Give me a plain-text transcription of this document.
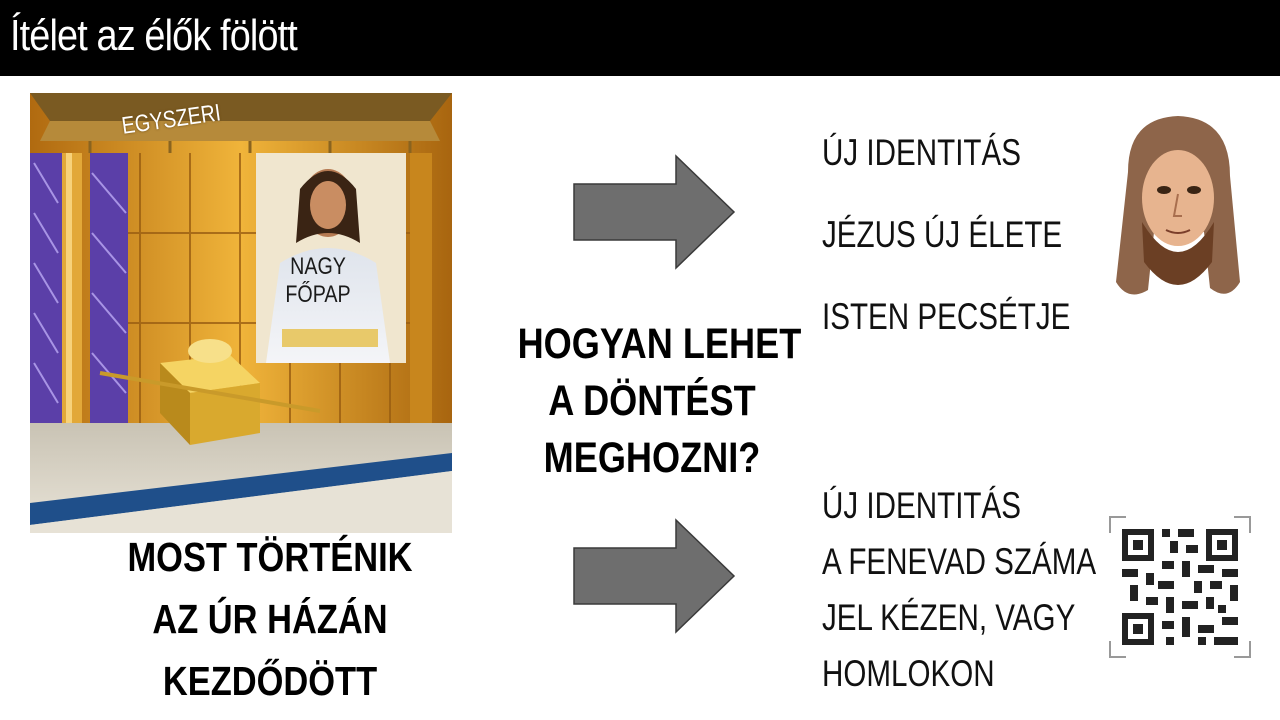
Ítélet az élők fölött
EGYSZERI
NAGY
FŐPAP
MOST TÖRTÉNIK
AZ ÚR HÁZÁN
KEZDŐDÖTT
HOGYAN LEHET
A DÖNTÉST
MEGHOZNI?
ÚJ IDENTITÁS
JÉZUS ÚJ ÉLETE
ISTEN PECSÉTJE
ÚJ IDENTITÁS
A FENEVAD SZÁMA
JEL KÉZEN, VAGY
HOMLOKON
